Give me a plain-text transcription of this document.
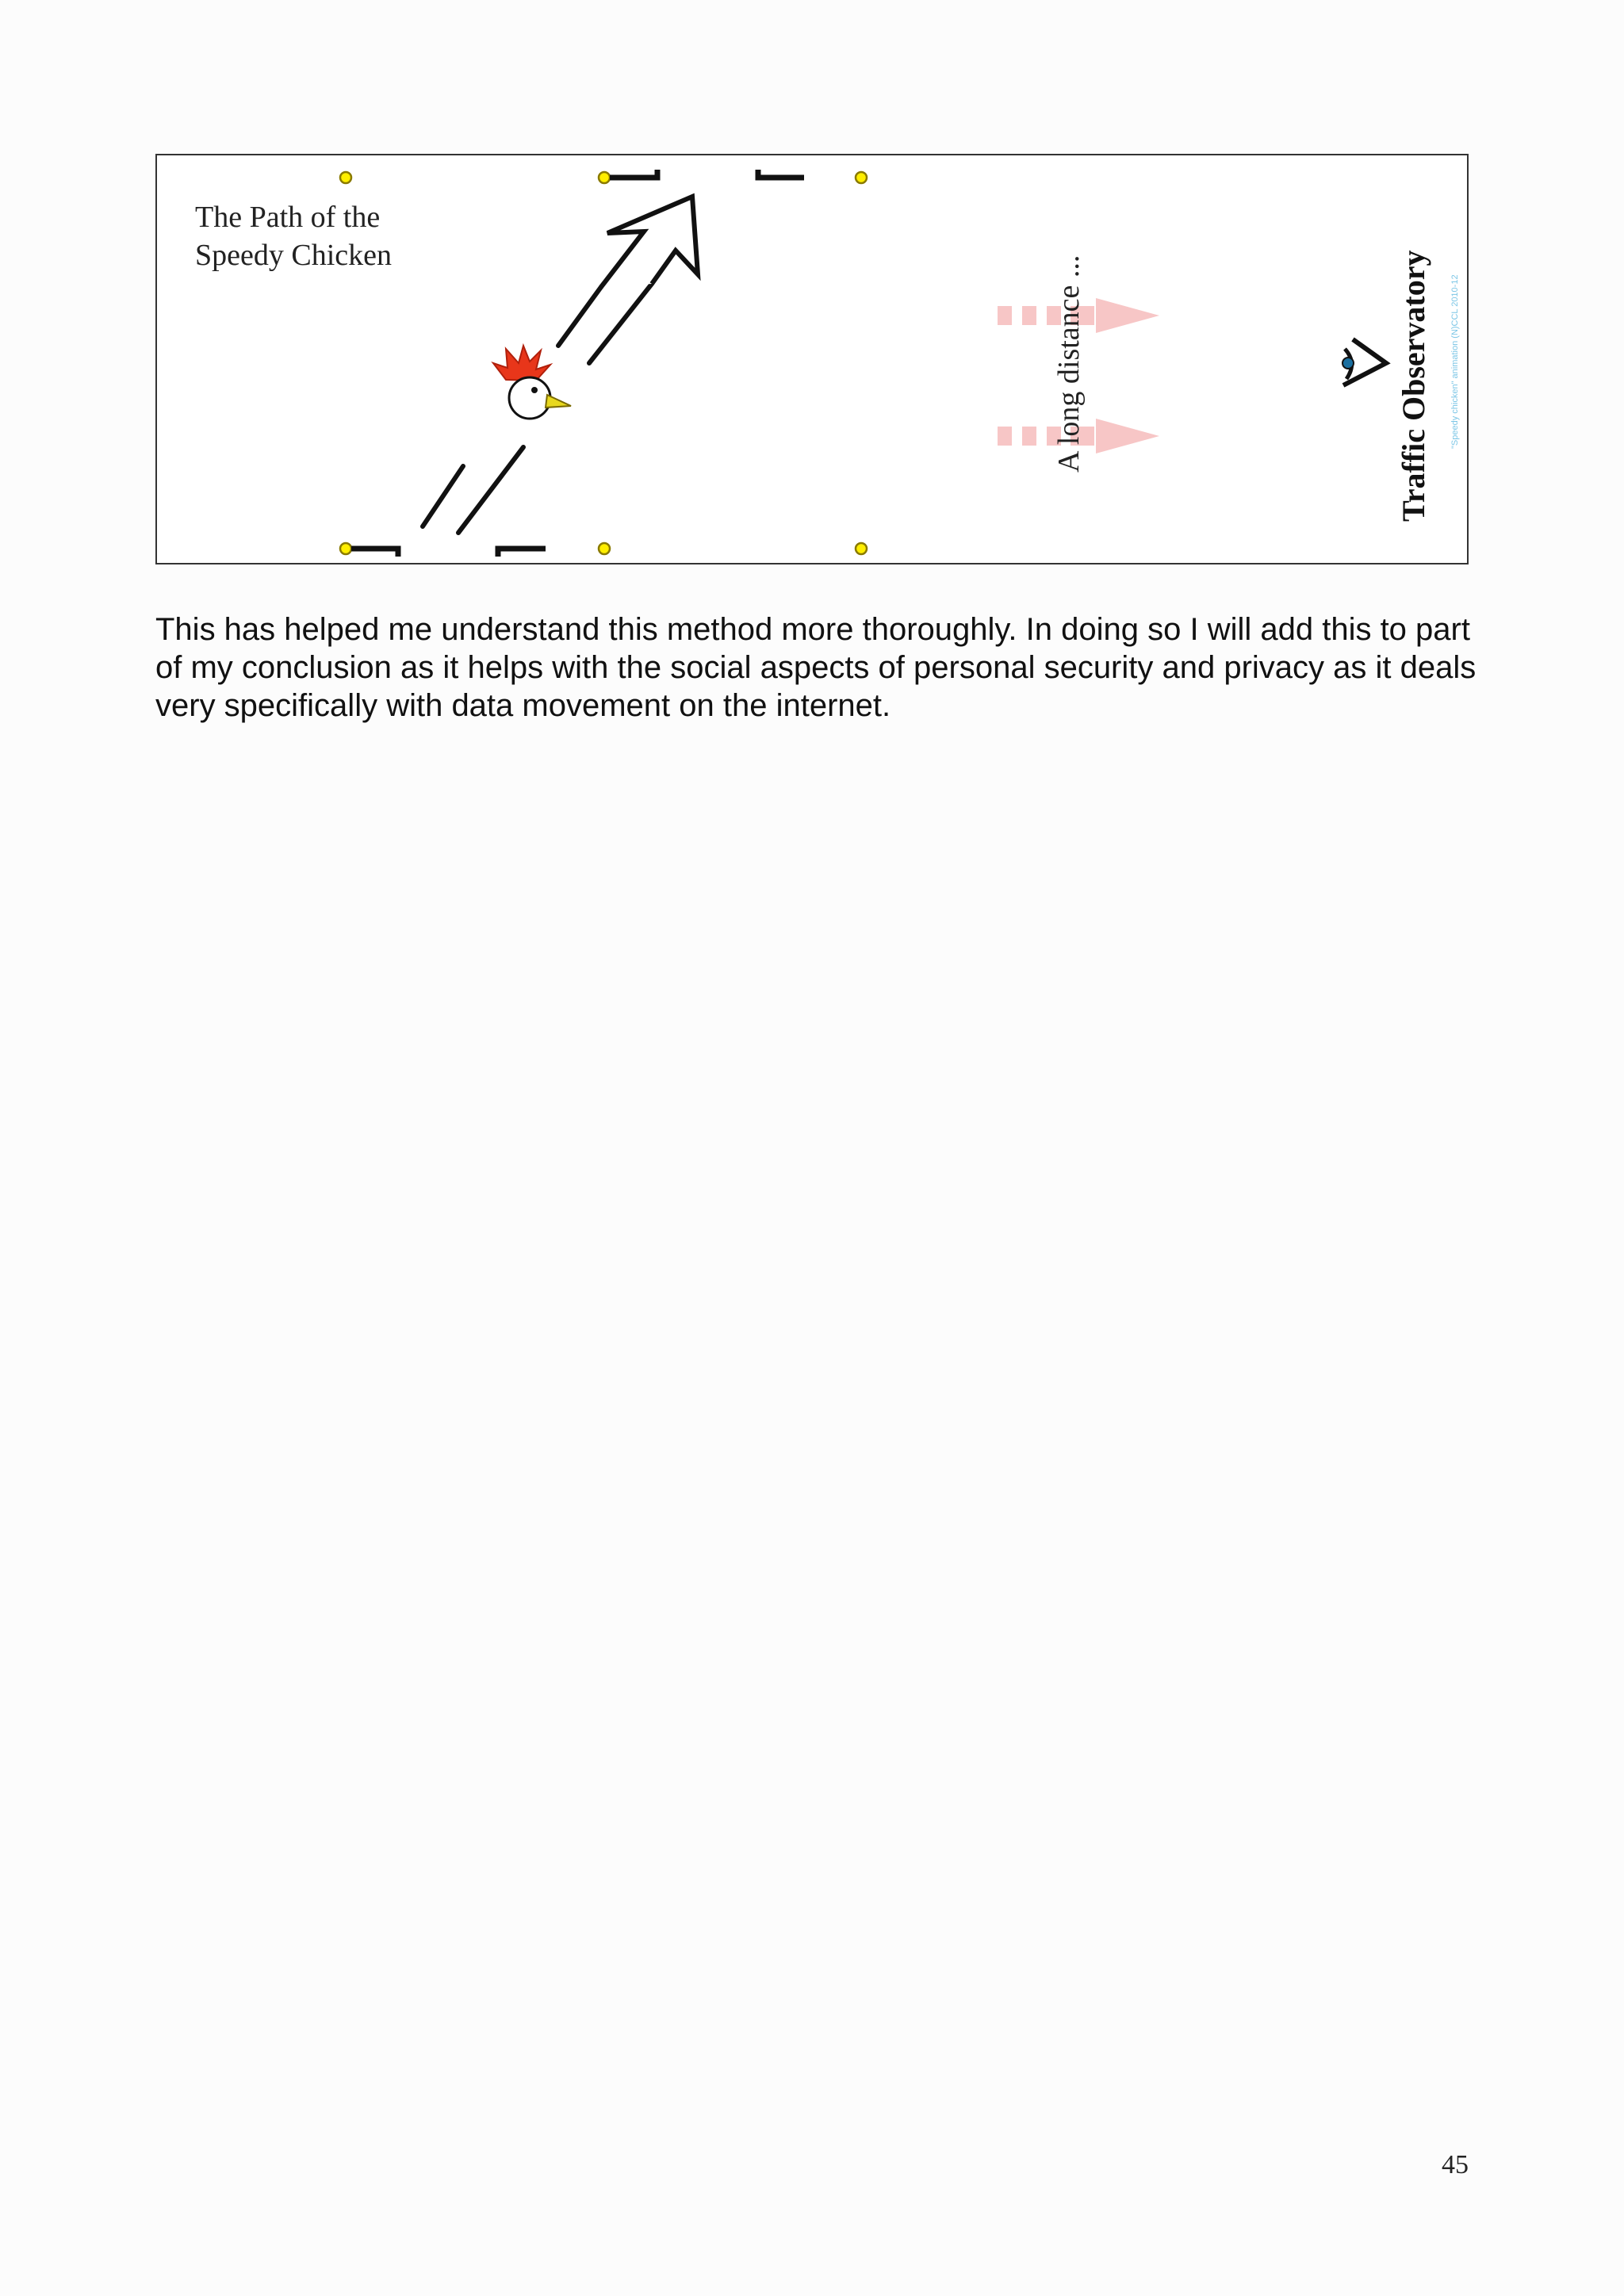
The Path of the
Speedy Chicken	A long distance ...	Traffic Observatory "Speedy chicken" animation (N)CCL 2010-12

This has helped me understand this method more thoroughly. In doing so I will add this to part of my conclusion as it helps with the social aspects of personal security and privacy as it deals very specifically with data movement on the internet.

45
